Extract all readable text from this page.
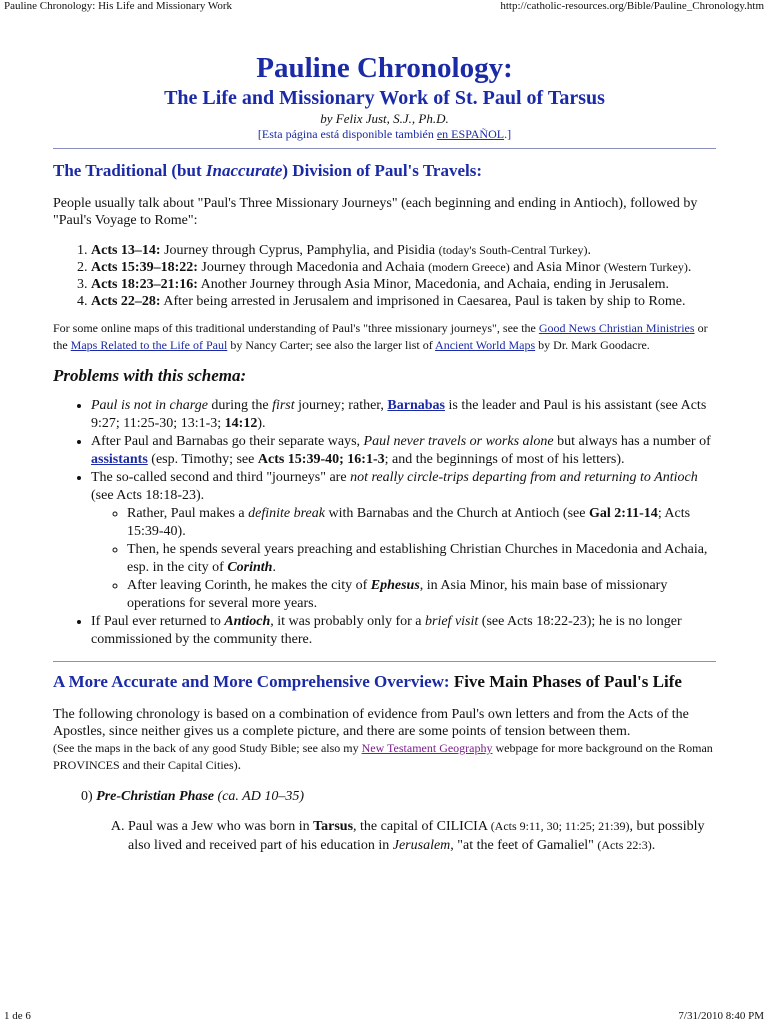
Pauline Chronology: His Life and Missionary Work	http://catholic-resources.org/Bible/Pauline_Chronology.htm
Pauline Chronology:
The Life and Missionary Work of St. Paul of Tarsus
by Felix Just, S.J., Ph.D.
[Esta página está disponible también en ESPAÑOL.]
The Traditional (but Inaccurate) Division of Paul's Travels:

People usually talk about "Paul's Three Missionary Journeys" (each beginning and ending in Antioch), followed by "Paul's Voyage to Rome":

1. Acts 13–14: Journey through Cyprus, Pamphylia, and Pisidia (today's South-Central Turkey).
2. Acts 15:39–18:22: Journey through Macedonia and Achaia (modern Greece) and Asia Minor (Western Turkey).
3. Acts 18:23–21:16: Another Journey through Asia Minor, Macedonia, and Achaia, ending in Jerusalem.
4. Acts 22–28: After being arrested in Jerusalem and imprisoned in Caesarea, Paul is taken by ship to Rome.

For some online maps of this traditional understanding of Paul's "three missionary journeys", see the Good News Christian Ministries or the Maps Related to the Life of Paul by Nancy Carter; see also the larger list of Ancient World Maps by Dr. Mark Goodacre.

Problems with this schema:
• Paul is not in charge during the first journey; rather, Barnabas is the leader and Paul is his assistant (see Acts 9:27; 11:25-30; 13:1-3; 14:12).
• After Paul and Barnabas go their separate ways, Paul never travels or works alone but always has a number of assistants (esp. Timothy; see Acts 15:39-40; 16:1-3; and the beginnings of most of his letters).
• The so-called second and third "journeys" are not really circle-trips departing from and returning to Antioch (see Acts 18:18-23).
◦ Rather, Paul makes a definite break with Barnabas and the Church at Antioch (see Gal 2:11-14; Acts 15:39-40).
◦ Then, he spends several years preaching and establishing Christian Churches in Macedonia and Achaia, esp. in the city of Corinth.
◦ After leaving Corinth, he makes the city of Ephesus, in Asia Minor, his main base of missionary operations for several more years.
• If Paul ever returned to Antioch, it was probably only for a brief visit (see Acts 18:22-23); he is no longer commissioned by the community there.
A More Accurate and More Comprehensive Overview: Five Main Phases of Paul's Life

The following chronology is based on a combination of evidence from Paul's own letters and from the Acts of the Apostles, since neither gives us a complete picture, and there are some points of tension between them.
(See the maps in the back of any good Study Bible; see also my New Testament Geography webpage for more background on the Roman PROVINCES and their Capital Cities).

0) Pre-Christian Phase (ca. AD 10–35)
A. Paul was a Jew who was born in Tarsus, the capital of CILICIA (Acts 9:11, 30; 11:25; 21:39), but possibly also lived and received part of his education in Jerusalem, "at the feet of Gamaliel" (Acts 22:3).
1 de 6	7/31/2010 8:40 PM
